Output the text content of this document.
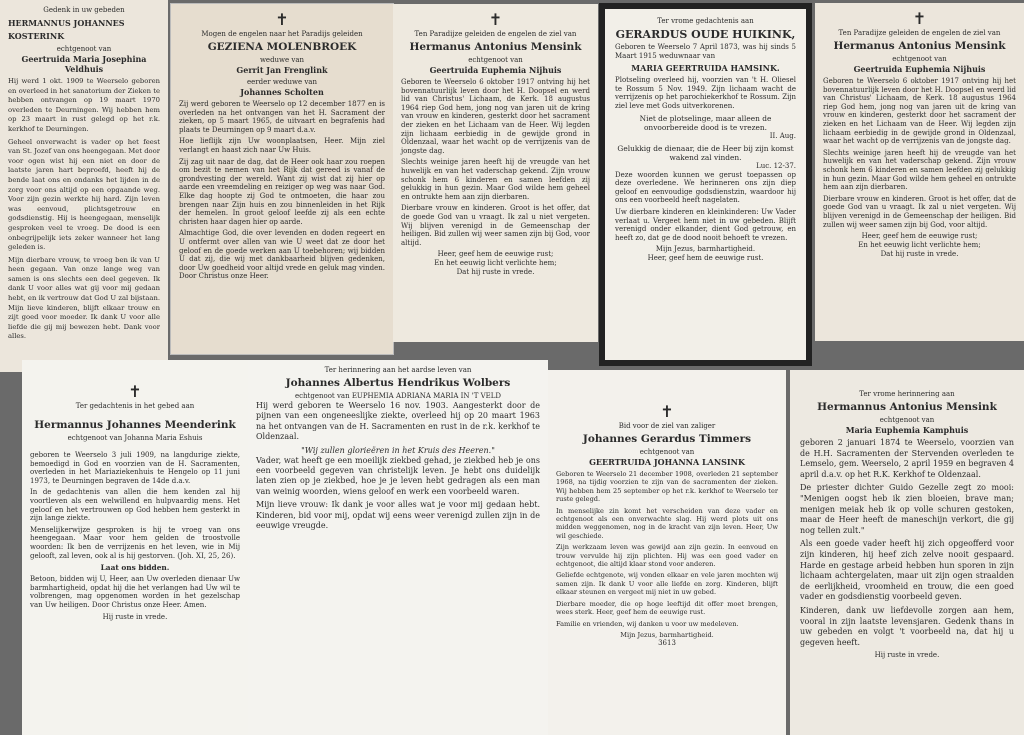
Gedenk in uw gebeden
HERMANNUS JOHANNES KOSTERINK
echtgenoot van
Geertruida Maria Josephina Veldhuis

Hij werd 1 okt. 1909 te Weerselo geboren en overleed in het sanatorium der Zieken te hebben ontvangen op 19 maart 1970 overleden te Deurningen. Wij hebben hem op 23 maart in rust gelegd op het r.k. kerkhof te Deurningen.

Geheel onverwacht is vader op het feest van St. Jozef van ons heengegaan. Met door voor ogen wist hij een niet en door de laatste jaren hart beproefd, heeft hij de bende laat ons en ondanks het lijden in de zorg voor ons altijd op een opgaande weg. Voor zijn gezin werkte hij hard. Zijn leven was eenvoud, plichtsgetrouw en godsdienstig. Hij is heengegaan, menselijk gesproken veel te vroeg. De dood is een onbegrijpelijk iets zeker wanneer het lang geleden is.

Mijn dierbare vrouw, te vroeg ben ik van U heen gegaan. Van onze lange weg van samen is ons slechts een deel gegeven. Ik dank U voor alles wat gij voor mij gedaan hebt, en ik vertrouw dat God U zal bijstaan. Mijn lieve kinderen, blijft elkaar trouw en zijt goed voor moeder. Ik dank U voor alle liefde die gij mij bewezen hebt. Dank voor alles.

✝
Mogen de engelen naar het Paradijs geleiden
GEZIENA MOLENBROEK
weduwe van
Gerrit Jan Frenglink
eerder weduwe van
Johannes Scholten

Zij werd geboren te Weerselo op 12 december 1877 en is overleden na het ontvangen van het H. Sacrament der zieken, op 5 maart 1965, de uitvaart en begrafenis had plaats te Deurningen op 9 maart d.a.v.

Hoe lieflijk zijn Uw woonplaatsen, Heer. Mijn ziel verlangt en haast zich naar Uw Huis.

Zij zag uit naar de dag, dat de Heer ook haar zou roepen om bezit te nemen van het Rijk dat gereed is vanaf de grondvesting der wereld. Want zij wist dat zij hier op aarde een vreemdeling en reiziger op weg was naar God. Elke dag hoopte zij God te ontmoeten, die haar zou brengen naar Zijn huis en zou binnenleiden in het Rijk der hemelen. In groot geloof leefde zij als een echte christen haar dagen hier op aarde.

Almachtige God, die over levenden en doden regeert en U ontfermt over allen van wie U weet dat ze door het geloof en de goede werken aan U toebehoren; wij bidden U dat zij, die wij met dankbaarheid blijven gedenken, door Uw goedheid voor altijd vrede en geluk mag vinden. Door Christus onze Heer.

✝
Ten Paradijze geleiden de engelen de ziel van
Hermanus Antonius Mensink
echtgenoot van
Geertruida Euphemia Nijhuis

Geboren te Weerselo 6 oktober 1917 ontving hij het bovennatuurlijk leven door het H. Doopsel en werd lid van Christus' Lichaam, de Kerk. 18 augustus 1964 riep God hem, jong nog van jaren uit de kring van vrouw en kinderen, gesterkt door het sacrament der zieken en het Lichaam van de Heer. Wij legden zijn lichaam eerbiedig in de gewijde grond in Oldenzaal, waar het wacht op de verrijzenis van de jongste dag.

Slechts weinige jaren heeft hij de vreugde van het huwelijk en van het vaderschap gekend. Zijn vrouw schonk hem 6 kinderen en samen leefden zij gelukkig in hun gezin. Maar God wilde hem geheel en ontrukte hem aan zijn dierbaren.

Dierbare vrouw en kinderen. Groot is het offer, dat de goede God van u vraagt. Ik zal u niet vergeten. Wij blijven verenigd in de Gemeenschap der heiligen. Bid zullen wij weer samen zijn bij God, voor altijd.

Heer, geef hem de eeuwige rust;
En het eeuwig licht verlichte hem;
Dat hij ruste in vrede.
Ter vrome gedachtenis aan
GERARDUS OUDE HUIKINK,

Geboren te Weerselo 7 April 1873, was hij sinds 5 Maart 1915 weduwnaar van

MARIA GEERTRUIDA HAMSINK.

Plotseling overleed hij, voorzien van 't H. Oliesel te Rossum 5 Nov. 1949. Zijn lichaam wacht de verrijzenis op het parochiekerkhof te Rossum. Zijn ziel leve met Gods uitverkorenen.

Niet de plotselinge, maar alleen de onvoorbereide dood is te vrezen.
II. Aug.
Gelukkig de dienaar, die de Heer bij zijn komst wakend zal vinden.
Luc. 12-37.

Deze woorden kunnen we gerust toepassen op deze overledene. We herinneren ons zijn diep geloof en eenvoudige godsdienstzin, waardoor hij ons een voorbeeld heeft nagelaten.

Uw dierbare kinderen en kleinkinderen: Uw Vader verlaat u. Vergeet hem niet in uw gebeden. Blijft verenigd onder elkander, dient God getrouw, en heeft zo, dat ge de dood nooit behoeft te vrezen.

Mijn Jezus, barmhartigheid.
Heer, geef hem de eeuwige rust.
✝
Ten Paradijze geleiden de engelen de ziel van
Hermanus Antonius Mensink
echtgenoot van
Geertruida Euphemia Nijhuis

Geboren te Weerselo 6 oktober 1917 ontving hij het bovennatuurlijk leven door het H. Doopsel en werd lid van Christus' Lichaam, de Kerk. 18 augustus 1964 riep God hem, jong nog van jaren uit de kring van vrouw en kinderen, gesterkt door het sacrament der zieken en het Lichaam van de Heer. Wij legden zijn lichaam eerbiedig in de gewijde grond in Oldenzaal, waar het wacht op de verrijzenis van de jongste dag.

Slechts weinige jaren heeft hij de vreugde van het huwelijk en van het vaderschap gekend. Zijn vrouw schonk hem 6 kinderen en samen leefden zij gelukkig in hun gezin. Maar God wilde hem geheel en ontrukte hem aan zijn dierbaren.

Dierbare vrouw en kinderen. Groot is het offer, dat de goede God van u vraagt. Ik zal u niet vergeten. Wij blijven verenigd in de Gemeenschap der heiligen. Bid zullen wij weer samen zijn bij God, voor altijd.

Heer, geef hem de eeuwige rust;
En het eeuwig licht verlichte hem;
Dat hij ruste in vrede.
✝
Ter gedachtenis in het gebed aan
Hermannus Johannes Meenderink
echtgenoot van Johanna Maria Eshuis

geboren te Weerselo 3 juli 1909, na langdurige ziekte, bemoedigd in God en voorzien van de H. Sacramenten, overleden in het Mariaziekenhuis te Hengelo op 11 juni 1973, te Deurningen begraven de 14de d.a.v.

In de gedachtenis van allen die hem kenden zal hij voortleven als een welwillend en hulpvaardig mens. Het geloof en het vertrouwen op God hebben hem gesterkt in zijn lange ziekte.

Menselijkerwijze gesproken is hij te vroeg van ons heengegaan. Maar voor hem gelden de troostvolle woorden: Ik ben de verrijzenis en het leven, wie in Mij gelooft, zal leven, ook al is hij gestorven. (Joh. XI, 25, 26).

Laat ons bidden.

Betoon, bidden wij U, Heer, aan Uw overleden dienaar Uw barmhartigheid, opdat hij die het verlangen had Uw wil te volbrengen, mag opgenomen worden in het gezelschap van Uw heiligen. Door Christus onze Heer. Amen.

Hij ruste in vrede.
Ter herinnering aan het aardse leven van
Johannes Albertus Hendrikus Wolbers
echtgenoot van EUPHEMIA ADRIANA MARIA IN 'T VELD

Hij werd geboren te Weerselo 16 nov. 1903. Aangesterkt door de pijnen van een ongeneeslijke ziekte, overleed hij op 20 maart 1963 na het ontvangen van de H. Sacramenten en rust in de r.k. kerkhof te Oldenzaal.

"Wij zullen glorieëren in het Kruis des Heeren."

Vader, wat heeft ge een moeilijk ziekbed gehad, je ziekbed heb je ons een voorbeeld gegeven van christelijk leven. Je hebt ons duidelijk laten zien op je ziekbed, hoe je je leven hebt gedragen als een man van weinig woorden, wiens geloof en werk een voorbeeld waren.

Mijn lieve vrouw: Ik dank je voor alles wat je voor mij gedaan hebt. Kinderen, bid voor mij, opdat wij eens weer verenigd zullen zijn in de eeuwige vreugde.

✝
Bid voor de ziel van zaliger
Johannes Gerardus Timmers
echtgenoot van
GEERTRUIDA JOHANNA LANSINK

Geboren te Weerselo 21 december 1908, overleden 21 september 1968, na tijdig voorzien te zijn van de sacramenten der zieken. Wij hebben hem 25 september op het r.k. kerkhof te Weerselo ter ruste gelegd.

In menselijke zin komt het verscheiden van deze vader en echtgenoot als een onverwachte slag. Hij werd plots uit ons midden weggenomen, nog in de kracht van zijn leven. Heer, Uw wil geschiede.

Zijn werkzaam leven was gewijd aan zijn gezin. In eenvoud en trouw vervulde hij zijn plichten. Hij was een goed vader en echtgenoot, die altijd klaar stond voor anderen.

Geliefde echtgenote, wij vonden elkaar en vele jaren mochten wij samen zijn. Ik dank U voor alle liefde en zorg. Kinderen, blijft elkaar steunen en vergeet mij niet in uw gebed.

Dierbare moeder, die op hoge leeftijd dit offer moet brengen, wees sterk. Heer, geef hem de eeuwige rust.

Familie en vrienden, wij danken u voor uw medeleven.

Mijn Jezus, barmhartigheid.
3613
Ter vrome herinnering aan
Hermannus Antonius Mensink
echtgenoot van
Maria Euphemia Kamphuis

geboren 2 januari 1874 te Weerselo, voorzien van de H.H. Sacramenten der Stervenden overleden te Lemselo, gem. Weerselo, 2 april 1959 en begraven 4 april d.a.v. op het R.K. Kerkhof te Oldenzaal.

De priester dichter Guido Gezelle zegt zo mooi: "Menigen oogst heb ik zien bloeien, brave man; menigen meiak heb ik op volle schuren gestoken, maar de Heer heeft de maneschijn verkort, die gij nog tellen zult."

Als een goede vader heeft hij zich opgeofferd voor zijn kinderen, hij heef zich zelve nooit gespaard. Harde en gestage arbeid hebben hun sporen in zijn lichaam achtergelaten, maar uit zijn ogen straalden de eerlijkheid, vroomheid en trouw, die een goed vader en godsdienstig voorbeeld geven.

Kinderen, dank uw liefdevolle zorgen aan hem, vooral in zijn laatste levensjaren. Gedenk thans in uw gebeden en volgt 't voorbeeld na, dat hij u gegeven heeft.

Hij ruste in vrede.
